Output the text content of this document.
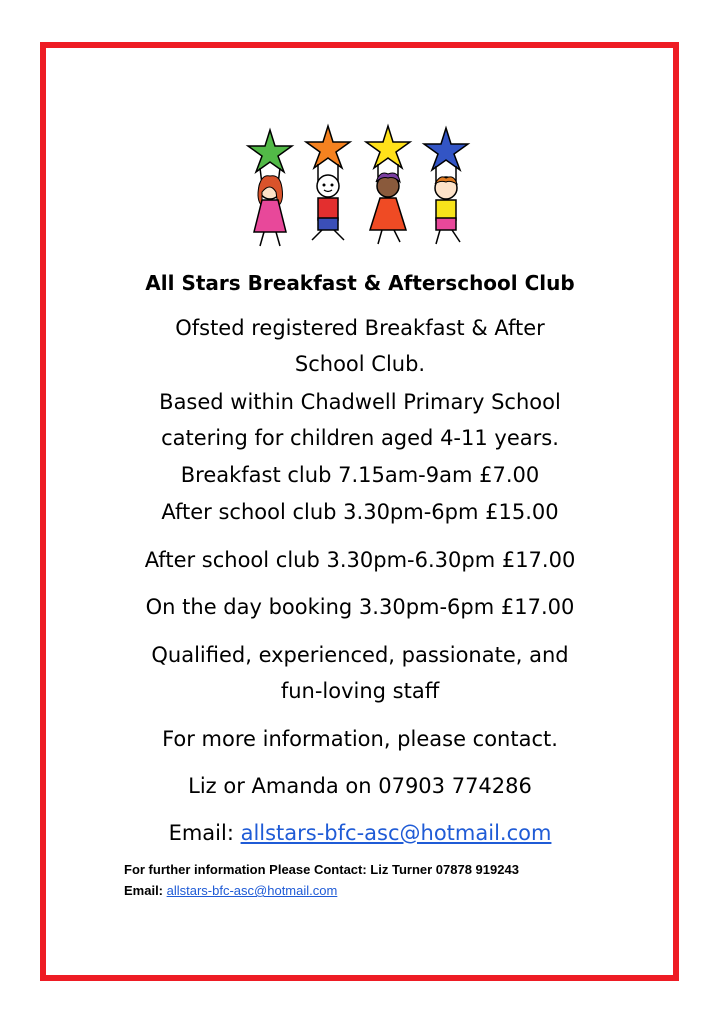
All Stars Breakfast & Afterschool Club
Ofsted registered Breakfast & After
School Club.
Based within Chadwell Primary School
catering for children aged 4-11 years.
Breakfast club 7.15am-9am £7.00
After school club 3.30pm-6pm £15.00
After school club 3.30pm-6.30pm £17.00
On the day booking 3.30pm-6pm £17.00
Qualified, experienced, passionate, and
fun-loving staff
For more information, please contact.
Liz or Amanda on 07903 774286
Email: allstars-bfc-asc@hotmail.com
For further information Please Contact: Liz Turner 07878 919243
Email: allstars-bfc-asc@hotmail.com
